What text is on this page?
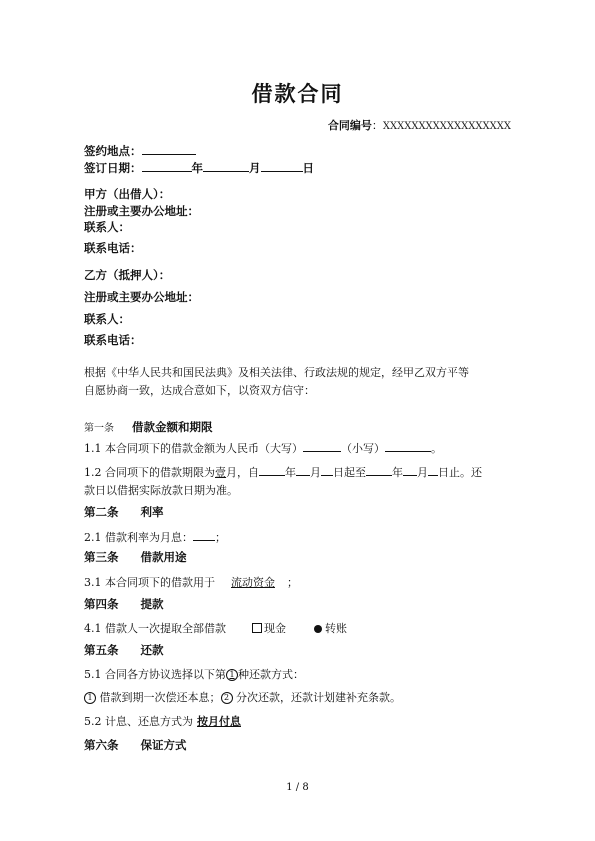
借款合同
合同编号：XXXXXXXXXXXXXXXXXX
签约地点：
签订日期：	年	月	日
甲方（出借人）：
注册或主要办公地址：
联系人：
联系电话：
乙方（抵押人）：
注册或主要办公地址：
联系人：
联系电话：
根据《中华人民共和国民法典》及相关法律、行政法规的规定，经甲乙双方平等
自愿协商一致，达成合意如下，以资双方信守：
第一条 借款金额和期限
1.1 本合同项下的借款金额为人民币（大写）	（小写）	。
1.2 合同项下的借款期限为壹月，自 年 月 日起至 年 月 日止。还
款日以借据实际放款日期为准。
第二条 利率
2.1 借款利率为月息： ；
第三条 借款用途
3.1 本合同项下的借款用于 流动资金 ；
第四条 提款
4.1 借款人一次提取全部借款	现金	转账
第五条 还款
5.1 合同各方协议选择以下第 1 种还款方式：
1 借款到期一次偿还本息； 2 分次还款，还款计划建补充条款。
5.2 计息、还息方式为 按月付息
第六条 保证方式
1 / 8
